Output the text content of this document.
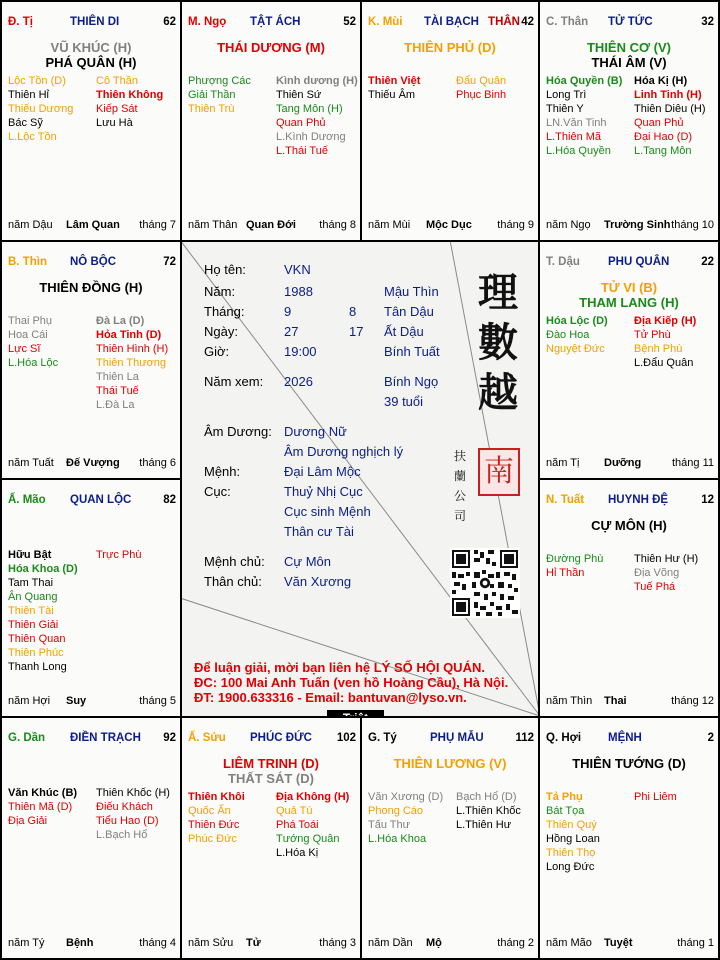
Họ tên:	VKN
Năm:	1988	Mậu Thìn
Tháng:	9	8 Tân Dậu
Ngày:	27	17 Ất Dậu
Giờ:	19:00	Bính Tuất
Năm xem: 2026	Bính Ngọ
39 tuổi
Âm Dương: Dương Nữ
Âm Dương nghịch lý
Mệnh:	Đại Lâm Mộc
Cục:	Thuỷ Nhị Cục
Cục sinh Mệnh
Thân cư Tài
Mệnh chủ: Cự Môn
Thân chủ: Văn Xương
理
數
越
南
扶
蘭
公
司
Để luận giải, mời bạn liên hệ LÝ SỐ HỘI QUÁN.
ĐC: 100 Mai Anh Tuấn (ven hồ Hoàng Cầu), Hà Nội.
ĐT: 1900.633316 - Email: bantuvan@lyso.vn.
Đ. Tị	THIÊN DI	62
VŨ KHÚC (H)
PHÁ QUÂN (H)
Lộc Tồn (D)
Thiên Hỉ
Thiếu Dương
Bác Sỹ
L.Lộc Tồn
Cô Thần
Thiên Không
Kiếp Sát
Lưu Hà
năm Dậu Lâm Quan tháng 7
M. Ngọ TẬT ÁCH	52
THÁI DƯƠNG (M)
Phượng Các
Giải Thần
Thiên Trù
Kình dương (H)
Thiên Sứ
Tang Môn (H)
Quan Phủ
L.Kình Dương
L.Thái Tuế
năm Thân Quan Đới tháng 8
K. Mùi TÀI BẠCH	42
THÂN
THIÊN PHỦ (D)
Thiên Việt
Thiếu Âm
Đẩu Quân
Phục Binh
năm Mùi Mộc Dục tháng 9
C. Thân TỬ TỨC	32
THIÊN CƠ (V)
THÁI ÂM (V)
Hóa Quyền (B)
Long Trì
Thiên Y
LN.Văn Tinh
L.Thiên Mã
L.Hóa Quyền
Hóa Kị (H)
Linh Tinh (H)
Thiên Diêu (H)
Quan Phủ
Đại Hao (D)
L.Tang Môn
năm Ngọ Trường Sinh tháng 10
B. Thìn NÔ BỘC	72
THIÊN ĐỒNG (H)
Thai Phụ
Hoa Cái
Lực Sĩ
L.Hóa Lộc
Đà La (D)
Hỏa Tinh (D)
Thiên Hình (H)
Thiên Thương
Thiên La
Thái Tuế
L.Đà La
năm Tuất Đế Vượng tháng 6
T. Dậu PHU QUÂN	22
TỬ VI (B)
THAM LANG (H)
Hóa Lộc (D)
Đào Hoa
Nguyệt Đức
Địa Kiếp (H)
Tử Phù
Bệnh Phù
L.Đẩu Quân
năm Tị Dưỡng	tháng 11
Ấ. Mão QUAN LỘC	82
Hữu Bật
Hóa Khoa (D)
Tam Thai
Ân Quang
Thiên Tài
Thiên Giải
Thiên Quan
Thiên Phúc
Thanh Long
Trực Phù
năm Hợi Suy	tháng 5
N. Tuất HUYNH ĐỆ	12
CỰ MÔN (H)
Đường Phù
Hỉ Thần
Thiên Hư (H)
Địa Võng
Tuế Phá
năm Thìn Thai	tháng 12
G. Dần ĐIỀN TRẠCH 92
Văn Khúc (B)
Thiên Mã (D)
Địa Giải
Thiên Khốc (H)
Điếu Khách
Tiểu Hao (D)
L.Bạch Hổ
năm Tý Bệnh	tháng 4
Ấ. Sửu PHÚC ĐỨC 102
LIÊM TRINH (D)
THẤT SÁT (D)
Thiên Khôi
Quốc Ấn
Thiên Đức
Phúc Đức
Địa Không (H)
Quả Tú
Phá Toái
Tướng Quân
L.Hóa Kị
năm Sửu Tử	tháng 3
G. Tý	PHỤ MẪU	112
THIÊN LƯƠNG (V)
Văn Xương (D)
Phong Cáo
Tấu Thư
L.Hóa Khoa
Bạch Hổ (D)
L.Thiên Khốc
L.Thiên Hư
năm Dần Mộ	tháng 2
Q. Hợi MỆNH	2
THIÊN TƯỚNG (D)
Tả Phụ
Bát Tọa
Thiên Quý
Hồng Loan
Thiên Thọ
Long Đức
Phi Liêm
năm Mão Tuyệt	tháng 1
